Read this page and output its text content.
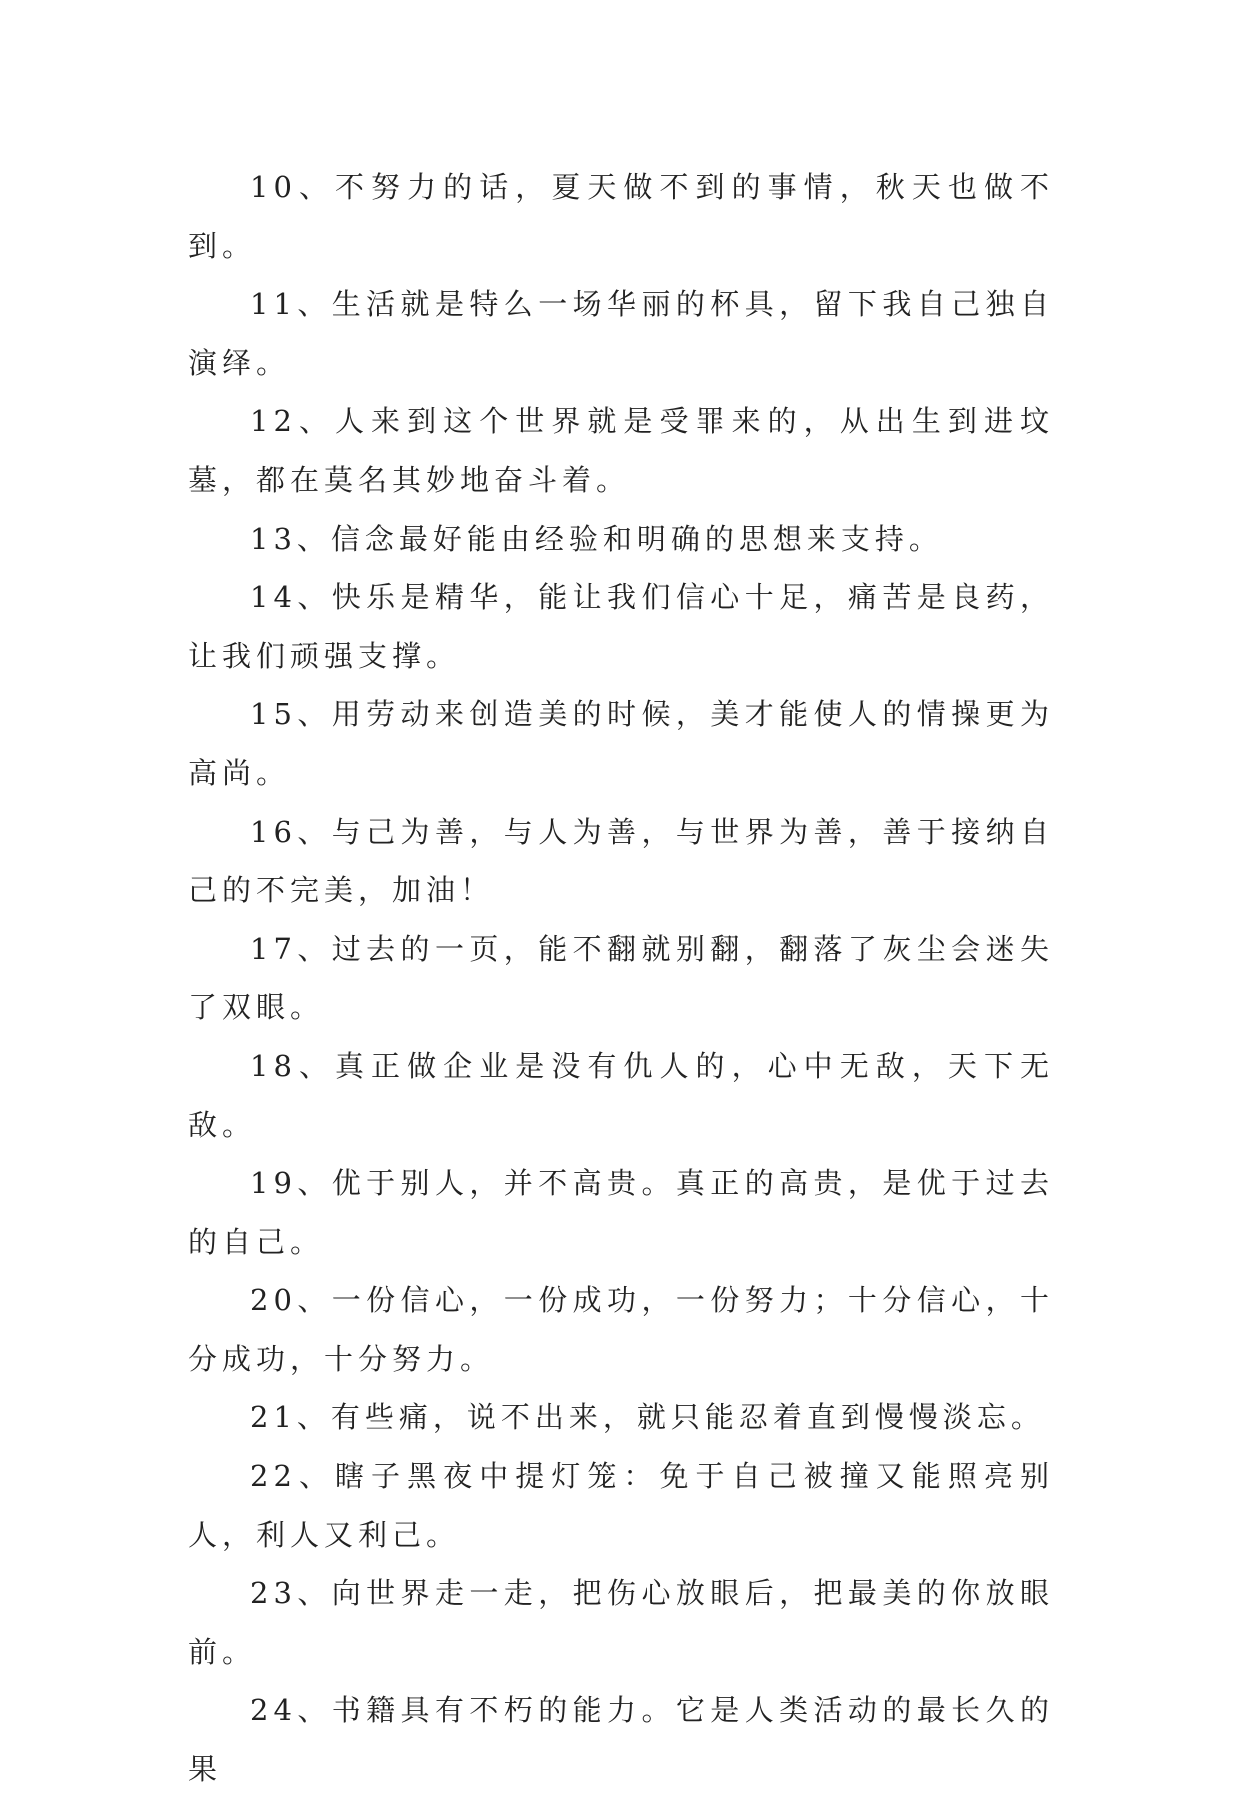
10、不努力的话，夏天做不到的事情，秋天也做不到。

11、生活就是特么一场华丽的杯具，留下我自己独自演绎。

12、人来到这个世界就是受罪来的，从出生到进坟墓，都在莫名其妙地奋斗着。

13、信念最好能由经验和明确的思想来支持。

14、快乐是精华，能让我们信心十足，痛苦是良药，让我们顽强支撑。

15、用劳动来创造美的时候，美才能使人的情操更为高尚。

16、与己为善，与人为善，与世界为善，善于接纳自己的不完美，加油！

17、过去的一页，能不翻就别翻，翻落了灰尘会迷失了双眼。

18、真正做企业是没有仇人的，心中无敌，天下无敌。

19、优于别人，并不高贵。真正的高贵，是优于过去的自己。

20、一份信心，一份成功，一份努力；十分信心，十分成功，十分努力。

21、有些痛，说不出来，就只能忍着直到慢慢淡忘。

22、瞎子黑夜中提灯笼：免于自己被撞又能照亮别人，利人又利己。

23、向世界走一走，把伤心放眼后，把最美的你放眼前。

24、书籍具有不朽的能力。它是人类活动的最长久的果
